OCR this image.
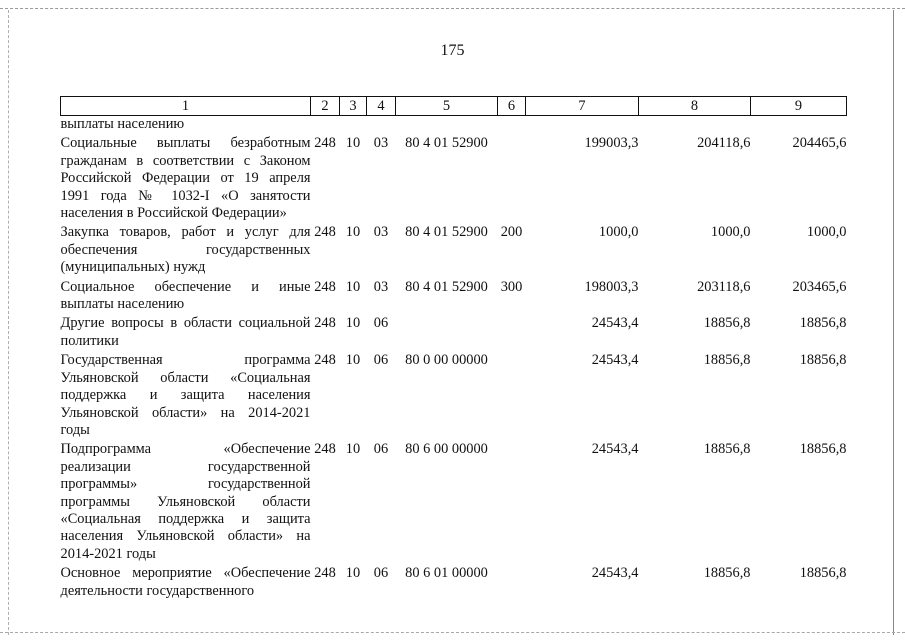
175
1	2	3	4	5	6	7	8	9
выплаты населению								
Социальные выплаты безработным гражданам в соответствии с Законом Российской Федерации от 19 апреля 1991 года № 1032-I «О занятости населения в Российской Федерации»	248	10	03	80 4 01 52900		199003,3	204118,6	204465,6
Закупка товаров, работ и услуг для обеспечения государственных (муниципальных) нужд	248	10	03	80 4 01 52900	200	1000,0	1000,0	1000,0
Социальное обеспечение и иные выплаты населению	248	10	03	80 4 01 52900	300	198003,3	203118,6	203465,6
Другие вопросы в области социальной политики	248	10	06			24543,4	18856,8	18856,8
Государственная программа Ульяновской области «Социальная поддержка и защита населения Ульяновской области» на 2014-2021 годы	248	10	06	80 0 00 00000		24543,4	18856,8	18856,8
Подпрограмма «Обеспечение реализации государственной программы» государственной программы Ульяновской области «Социальная поддержка и защита населения Ульяновской области» на 2014-2021 годы	248	10	06	80 6 00 00000		24543,4	18856,8	18856,8
Основное мероприятие «Обеспечение деятельности государственного	248	10	06	80 6 01 00000		24543,4	18856,8	18856,8
